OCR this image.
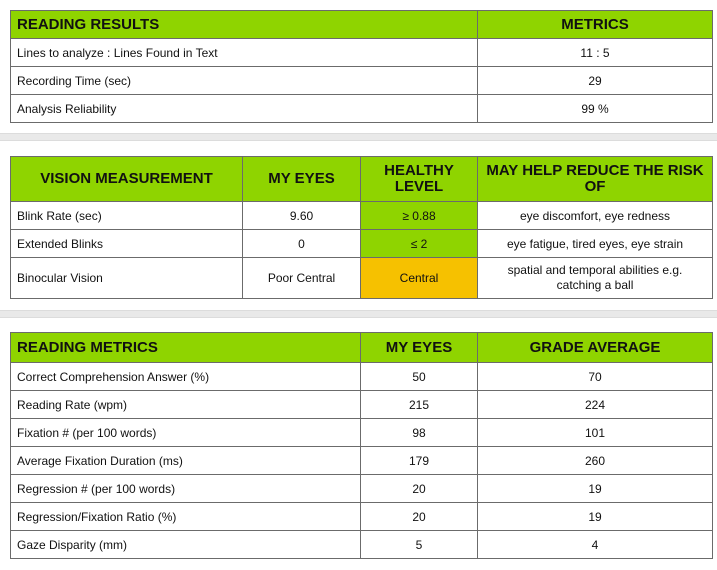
READING RESULTS	METRICS
Lines to analyze : Lines Found in Text	11 : 5
Recording Time (sec)	29
Analysis Reliability	99 %
VISION MEASUREMENT	MY EYES	HEALTHY LEVEL	MAY HELP REDUCE THE RISK OF
Blink Rate (sec)	9.60	≥ 0.88	eye discomfort, eye redness
Extended Blinks	0	≤ 2	eye fatigue, tired eyes, eye strain
Binocular Vision	Poor Central	Central	spatial and temporal abilities e.g. catching a ball
READING METRICS	MY EYES	GRADE AVERAGE
Correct Comprehension Answer (%)	50	70
Reading Rate (wpm)	215	224
Fixation # (per 100 words)	98	101
Average Fixation Duration (ms)	179	260
Regression # (per 100 words)	20	19
Regression/Fixation Ratio (%)	20	19
Gaze Disparity (mm)	5	4
